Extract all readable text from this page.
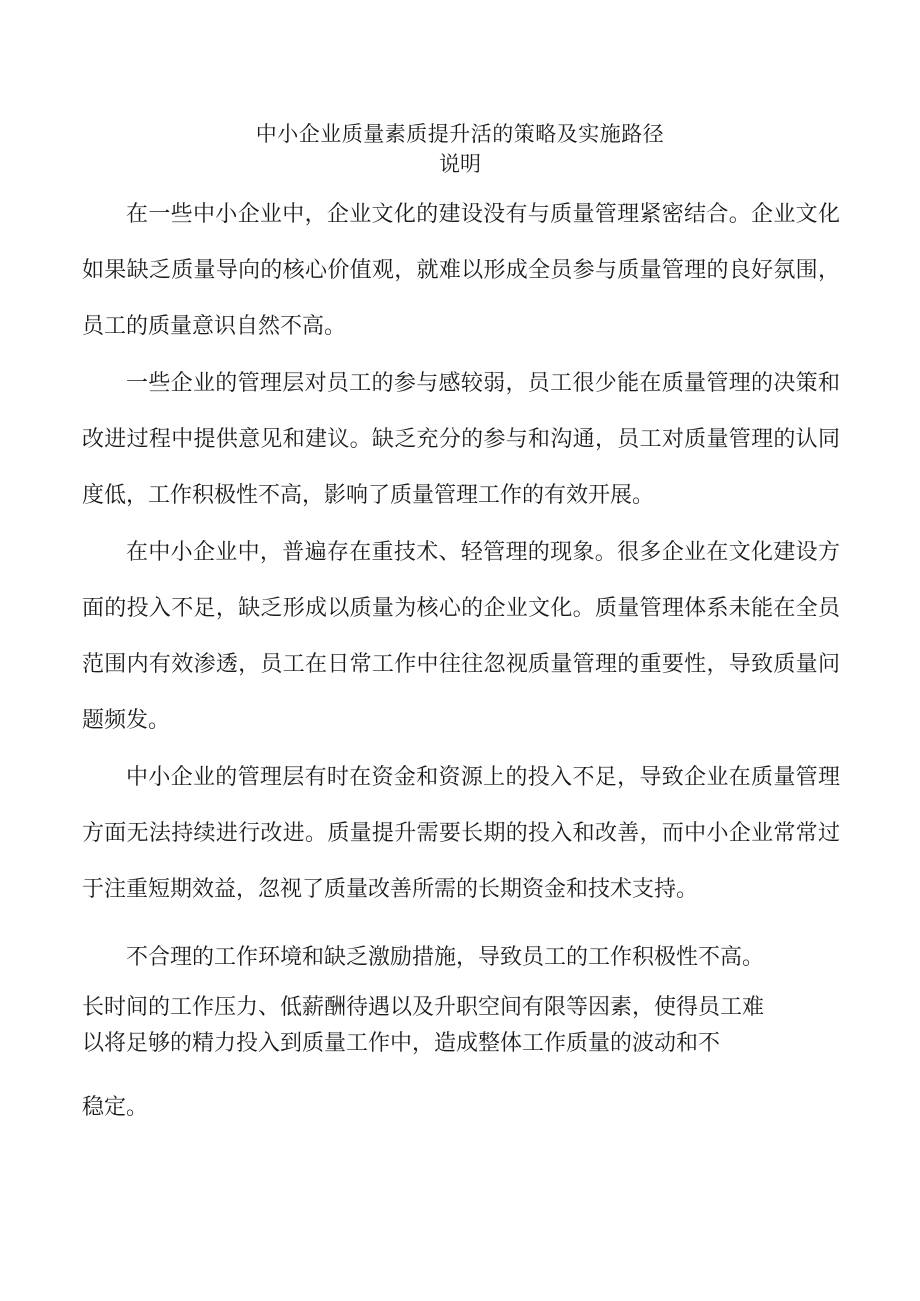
中小企业质量素质提升活的策略及实施路径
说明

在一些中小企业中，企业文化的建设没有与质量管理紧密结合。企业文化如果缺乏质量导向的核心价值观，就难以形成全员参与质量管理的良好氛围，员工的质量意识自然不高。

一些企业的管理层对员工的参与感较弱，员工很少能在质量管理的决策和改进过程中提供意见和建议。缺乏充分的参与和沟通，员工对质量管理的认同度低，工作积极性不高，影响了质量管理工作的有效开展。

在中小企业中，普遍存在重技术、轻管理的现象。很多企业在文化建设方面的投入不足，缺乏形成以质量为核心的企业文化。质量管理体系未能在全员范围内有效渗透，员工在日常工作中往往忽视质量管理的重要性，导致质量问题频发。

中小企业的管理层有时在资金和资源上的投入不足，导致企业在质量管理方面无法持续进行改进。质量提升需要长期的投入和改善，而中小企业常常过于注重短期效益，忽视了质量改善所需的长期资金和技术支持。

不合理的工作环境和缺乏激励措施，导致员工的工作积极性不高。

长时间的工作压力、低薪酬待遇以及升职空间有限等因素，使得员工难以将足够的精力投入到质量工作中，造成整体工作质量的波动和不

稳定。
